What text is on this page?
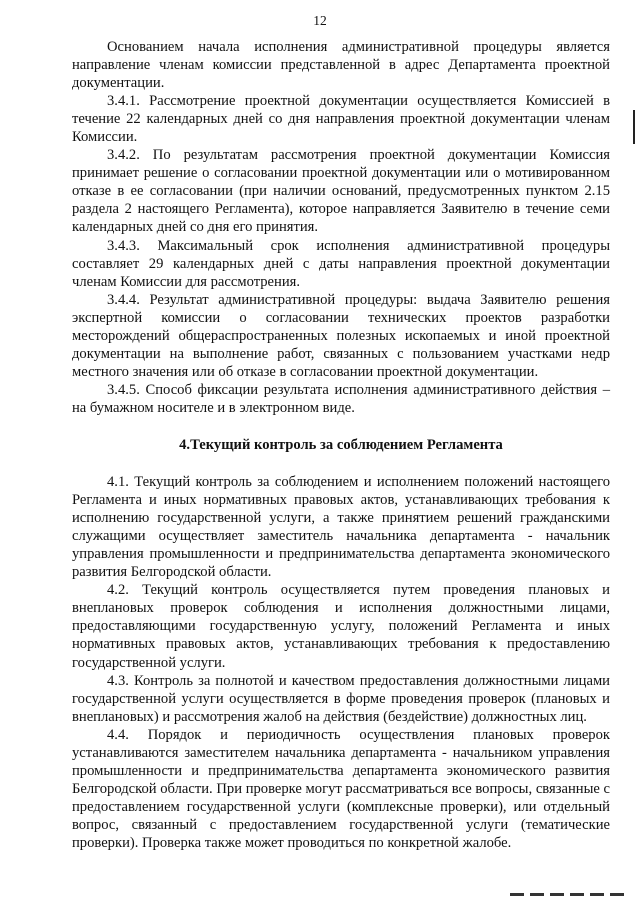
12

Основанием начала исполнения административной процедуры является направление членам комиссии представленной в адрес Департамента проектной документации.

3.4.1. Рассмотрение проектной документации осуществляется Комиссией в течение 22 календарных дней со дня направления проектной документации членам Комиссии.

3.4.2. По результатам рассмотрения проектной документации Комиссия принимает решение о согласовании проектной документации или о мотивированном отказе в ее согласовании (при наличии оснований, предусмотренных пунктом 2.15 раздела 2 настоящего Регламента), которое направляется Заявителю в течение семи календарных дней со дня его принятия.

3.4.3. Максимальный срок исполнения административной процедуры составляет 29 календарных дней с даты направления проектной документации членам Комиссии для рассмотрения.

3.4.4. Результат административной процедуры: выдача Заявителю решения экспертной комиссии о согласовании технических проектов разработки месторождений общераспространенных полезных ископаемых и иной проектной документации на выполнение работ, связанных с пользованием участками недр местного значения или об отказе в согласовании проектной документации.

3.4.5. Способ фиксации результата исполнения административного действия – на бумажном носителе и в электронном виде.

4.Текущий контроль за соблюдением Регламента

4.1. Текущий контроль за соблюдением и исполнением положений настоящего Регламента и иных нормативных правовых актов, устанавливающих требования к исполнению государственной услуги, а также принятием решений гражданскими служащими осуществляет заместитель начальника департамента - начальник управления промышленности и предпринимательства департамента экономического развития Белгородской области.

4.2. Текущий контроль осуществляется путем проведения плановых и внеплановых проверок соблюдения и исполнения должностными лицами, предоставляющими государственную услугу, положений Регламента и иных нормативных правовых актов, устанавливающих требования к предоставлению государственной услуги.

4.3. Контроль за полнотой и качеством предоставления должностными лицами государственной услуги осуществляется в форме проведения проверок (плановых и внеплановых) и рассмотрения жалоб на действия (бездействие) должностных лиц.

4.4. Порядок и периодичность осуществления плановых проверок устанавливаются заместителем начальника департамента - начальником управления промышленности и предпринимательства департамента экономического развития Белгородской области. При проверке могут рассматриваться все вопросы, связанные с предоставлением государственной услуги (комплексные проверки), или отдельный вопрос, связанный с предоставлением государственной услуги (тематические проверки). Проверка также может проводиться по конкретной жалобе.
